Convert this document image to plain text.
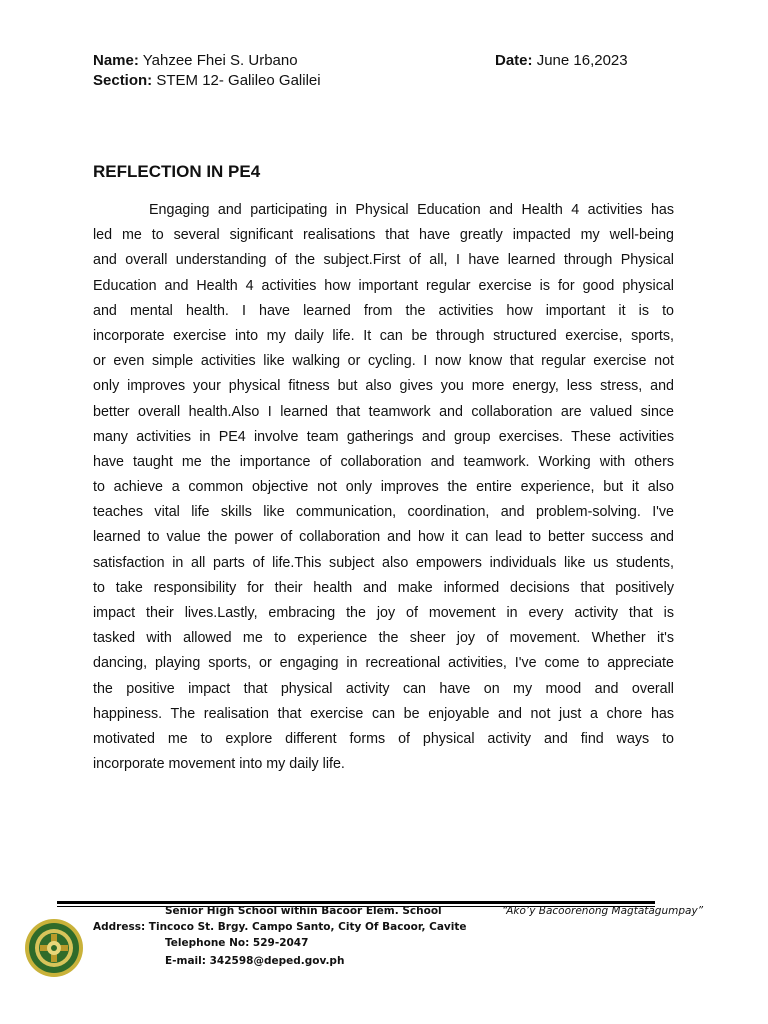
Name: Yahzee Fhei S. Urbano
Section: STEM 12- Galileo Galilei
Date: June 16,2023
REFLECTION IN PE4
Engaging and participating in Physical Education and Health 4 activities has
led me to several significant realisations that have greatly impacted my well-being
and overall understanding of the subject.First of all, I have learned through Physical
Education and Health 4 activities how important regular exercise is for good physical
and mental health. I have learned from the activities how important it is to
incorporate exercise into my daily life. It can be through structured exercise, sports,
or even simple activities like walking or cycling. I now know that regular exercise not
only improves your physical fitness but also gives you more energy, less stress, and
better overall health.Also I learned that teamwork and collaboration are valued since
many activities in PE4 involve team gatherings and group exercises. These activities
have taught me the importance of collaboration and teamwork. Working with others
to achieve a common objective not only improves the entire experience, but it also
teaches vital life skills like communication, coordination, and problem-solving. I've
learned to value the power of collaboration and how it can lead to better success and
satisfaction in all parts of life.This subject also empowers individuals like us students,
to take responsibility for their health and make informed decisions that positively
impact their lives.Lastly, embracing the joy of movement in every activity that is
tasked with allowed me to experience the sheer joy of movement. Whether it's
dancing, playing sports, or engaging in recreational activities, I've come to appreciate
the positive impact that physical activity can have on my mood and overall
happiness. The realisation that exercise can be enjoyable and not just a chore has
motivated me to explore different forms of physical activity and find ways to
incorporate movement into my daily life.
Senior High School within Bacoor Elem. School	“Ako’y Bacooreñong Magtatagumpay”
Address: Tincoco St. Brgy. Campo Santo, City Of Bacoor, Cavite
Telephone No: 529-2047
E-mail: 342598@deped.gov.ph
